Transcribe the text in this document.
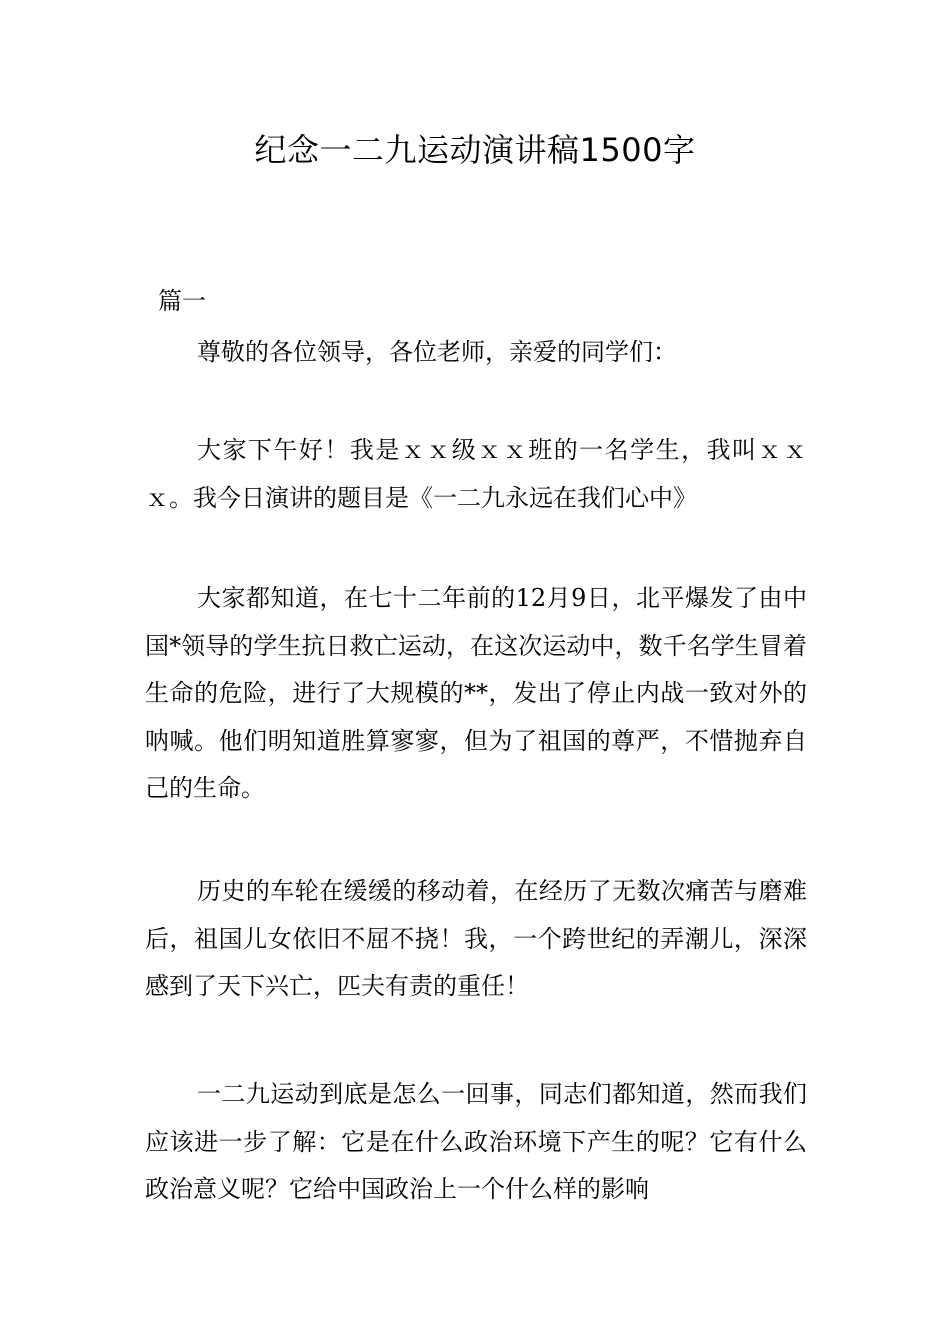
纪念一二九运动演讲稿1500字
篇一
尊敬的各位领导，各位老师，亲爱的同学们：

大家下午好！我是ｘｘ级ｘｘ班的一名学生，我叫ｘｘｘ。我今日演讲的题目是《一二九永远在我们心中》

大家都知道，在七十二年前的12月9日，北平爆发了由中国*领导的学生抗日救亡运动，在这次运动中，数千名学生冒着生命的危险，进行了大规模的**，发出了停止内战一致对外的呐喊。他们明知道胜算寥寥，但为了祖国的尊严，不惜抛弃自己的生命。

历史的车轮在缓缓的移动着，在经历了无数次痛苦与磨难后，祖国儿女依旧不屈不挠！我，一个跨世纪的弄潮儿，深深感到了天下兴亡，匹夫有责的重任！

一二九运动到底是怎么一回事，同志们都知道，然而我们应该进一步了解：它是在什么政治环境下产生的呢？它有什么政治意义呢？它给中国政治上一个什么样的影响
